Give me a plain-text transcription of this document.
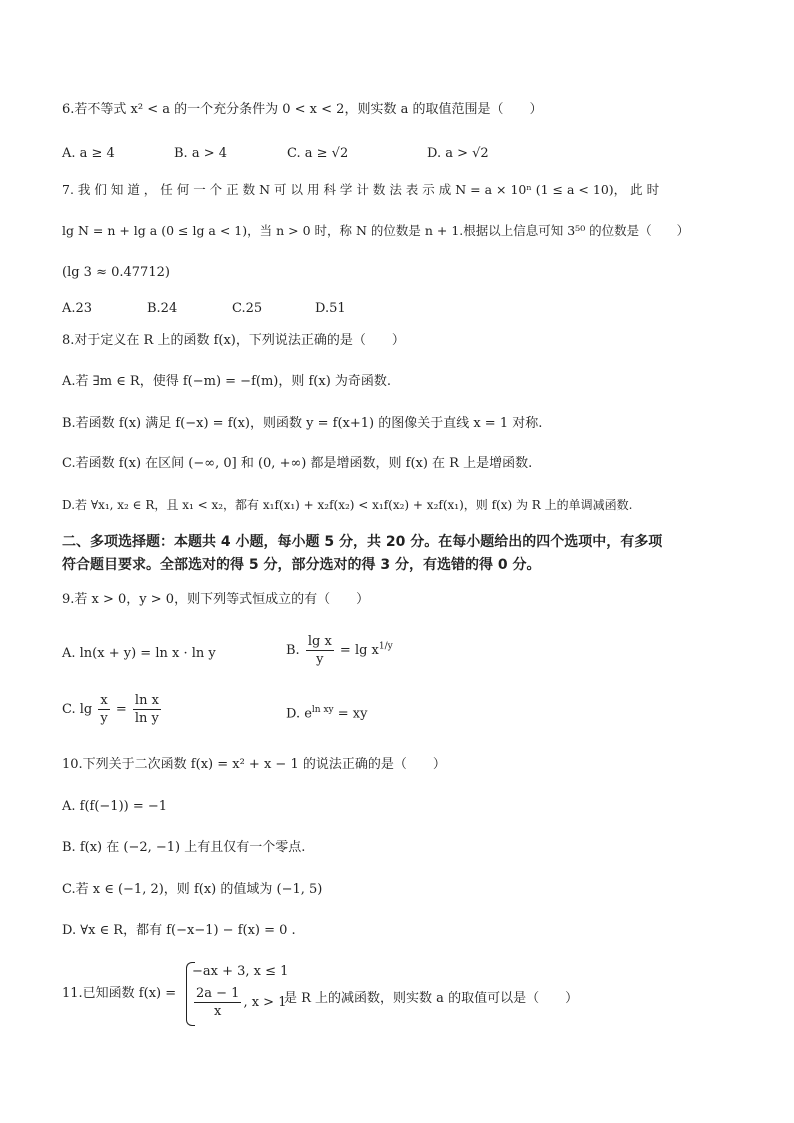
6.若不等式 x² < a 的一个充分条件为 0 < x < 2，则实数 a 的取值范围是（　　）
A. a ≥ 4	B. a > 4	C. a ≥ √2	D. a > √2
7. 我 们 知 道 ， 任 何 一 个 正 数 N 可 以 用 科 学 计 数 法 表 示 成 N = a × 10ⁿ (1 ≤ a < 10)， 此 时
lg N = n + lg a (0 ≤ lg a < 1)，当 n > 0 时，称 N 的位数是 n + 1.根据以上信息可知 3⁵⁰ 的位数是（　　）
(lg 3 ≈ 0.47712)
A.23	B.24	C.25	D.51
8.对于定义在 R 上的函数 f(x)，下列说法正确的是（　　）
A.若 ∃m ∈ R，使得 f(−m) = −f(m)，则 f(x) 为奇函数.
B.若函数 f(x) 满足 f(−x) = f(x)，则函数 y = f(x+1) 的图像关于直线 x = 1 对称.
C.若函数 f(x) 在区间 (−∞, 0] 和 (0, +∞) 都是增函数，则 f(x) 在 R 上是增函数.
D.若 ∀x₁, x₂ ∈ R，且 x₁ < x₂，都有 x₁f(x₁) + x₂f(x₂) < x₁f(x₂) + x₂f(x₁)，则 f(x) 为 R 上的单调减函数.
二、多项选择题：本题共 4 小题，每小题 5 分，共 20 分。在每小题给出的四个选项中，有多项
符合题目要求。全部选对的得 5 分，部分选对的得 3 分，有选错的得 0 分。
9.若 x > 0，y > 0，则下列等式恒成立的有（　　）
A. ln(x + y) = ln x · ln y	B. $\frac{\text{lg x}}{y} = \lg x^{1/y}$
C. $\lg \frac{x}{y} = \frac{\text{ln x}}{\text{ln y}}$	D. $e^{ln xy}$ = xy
10.下列关于二次函数 f(x) = x² + x − 1 的说法正确的是（　　）
A. f(f(−1)) = −1
B. f(x) 在 (−2, −1) 上有且仅有一个零点.
C.若 x ∈ (−1, 2)，则 f(x) 的值域为 (−1, 5)
D. ∀x ∈ R，都有 f(−x−1) − f(x) = 0 .
11.已知函数 f(x) =
−ax + 3, x ≤ 1
$\frac{2a - 1}{x}$ , x > 1
是 R 上的减函数，则实数 a 的取值可以是（　　）
